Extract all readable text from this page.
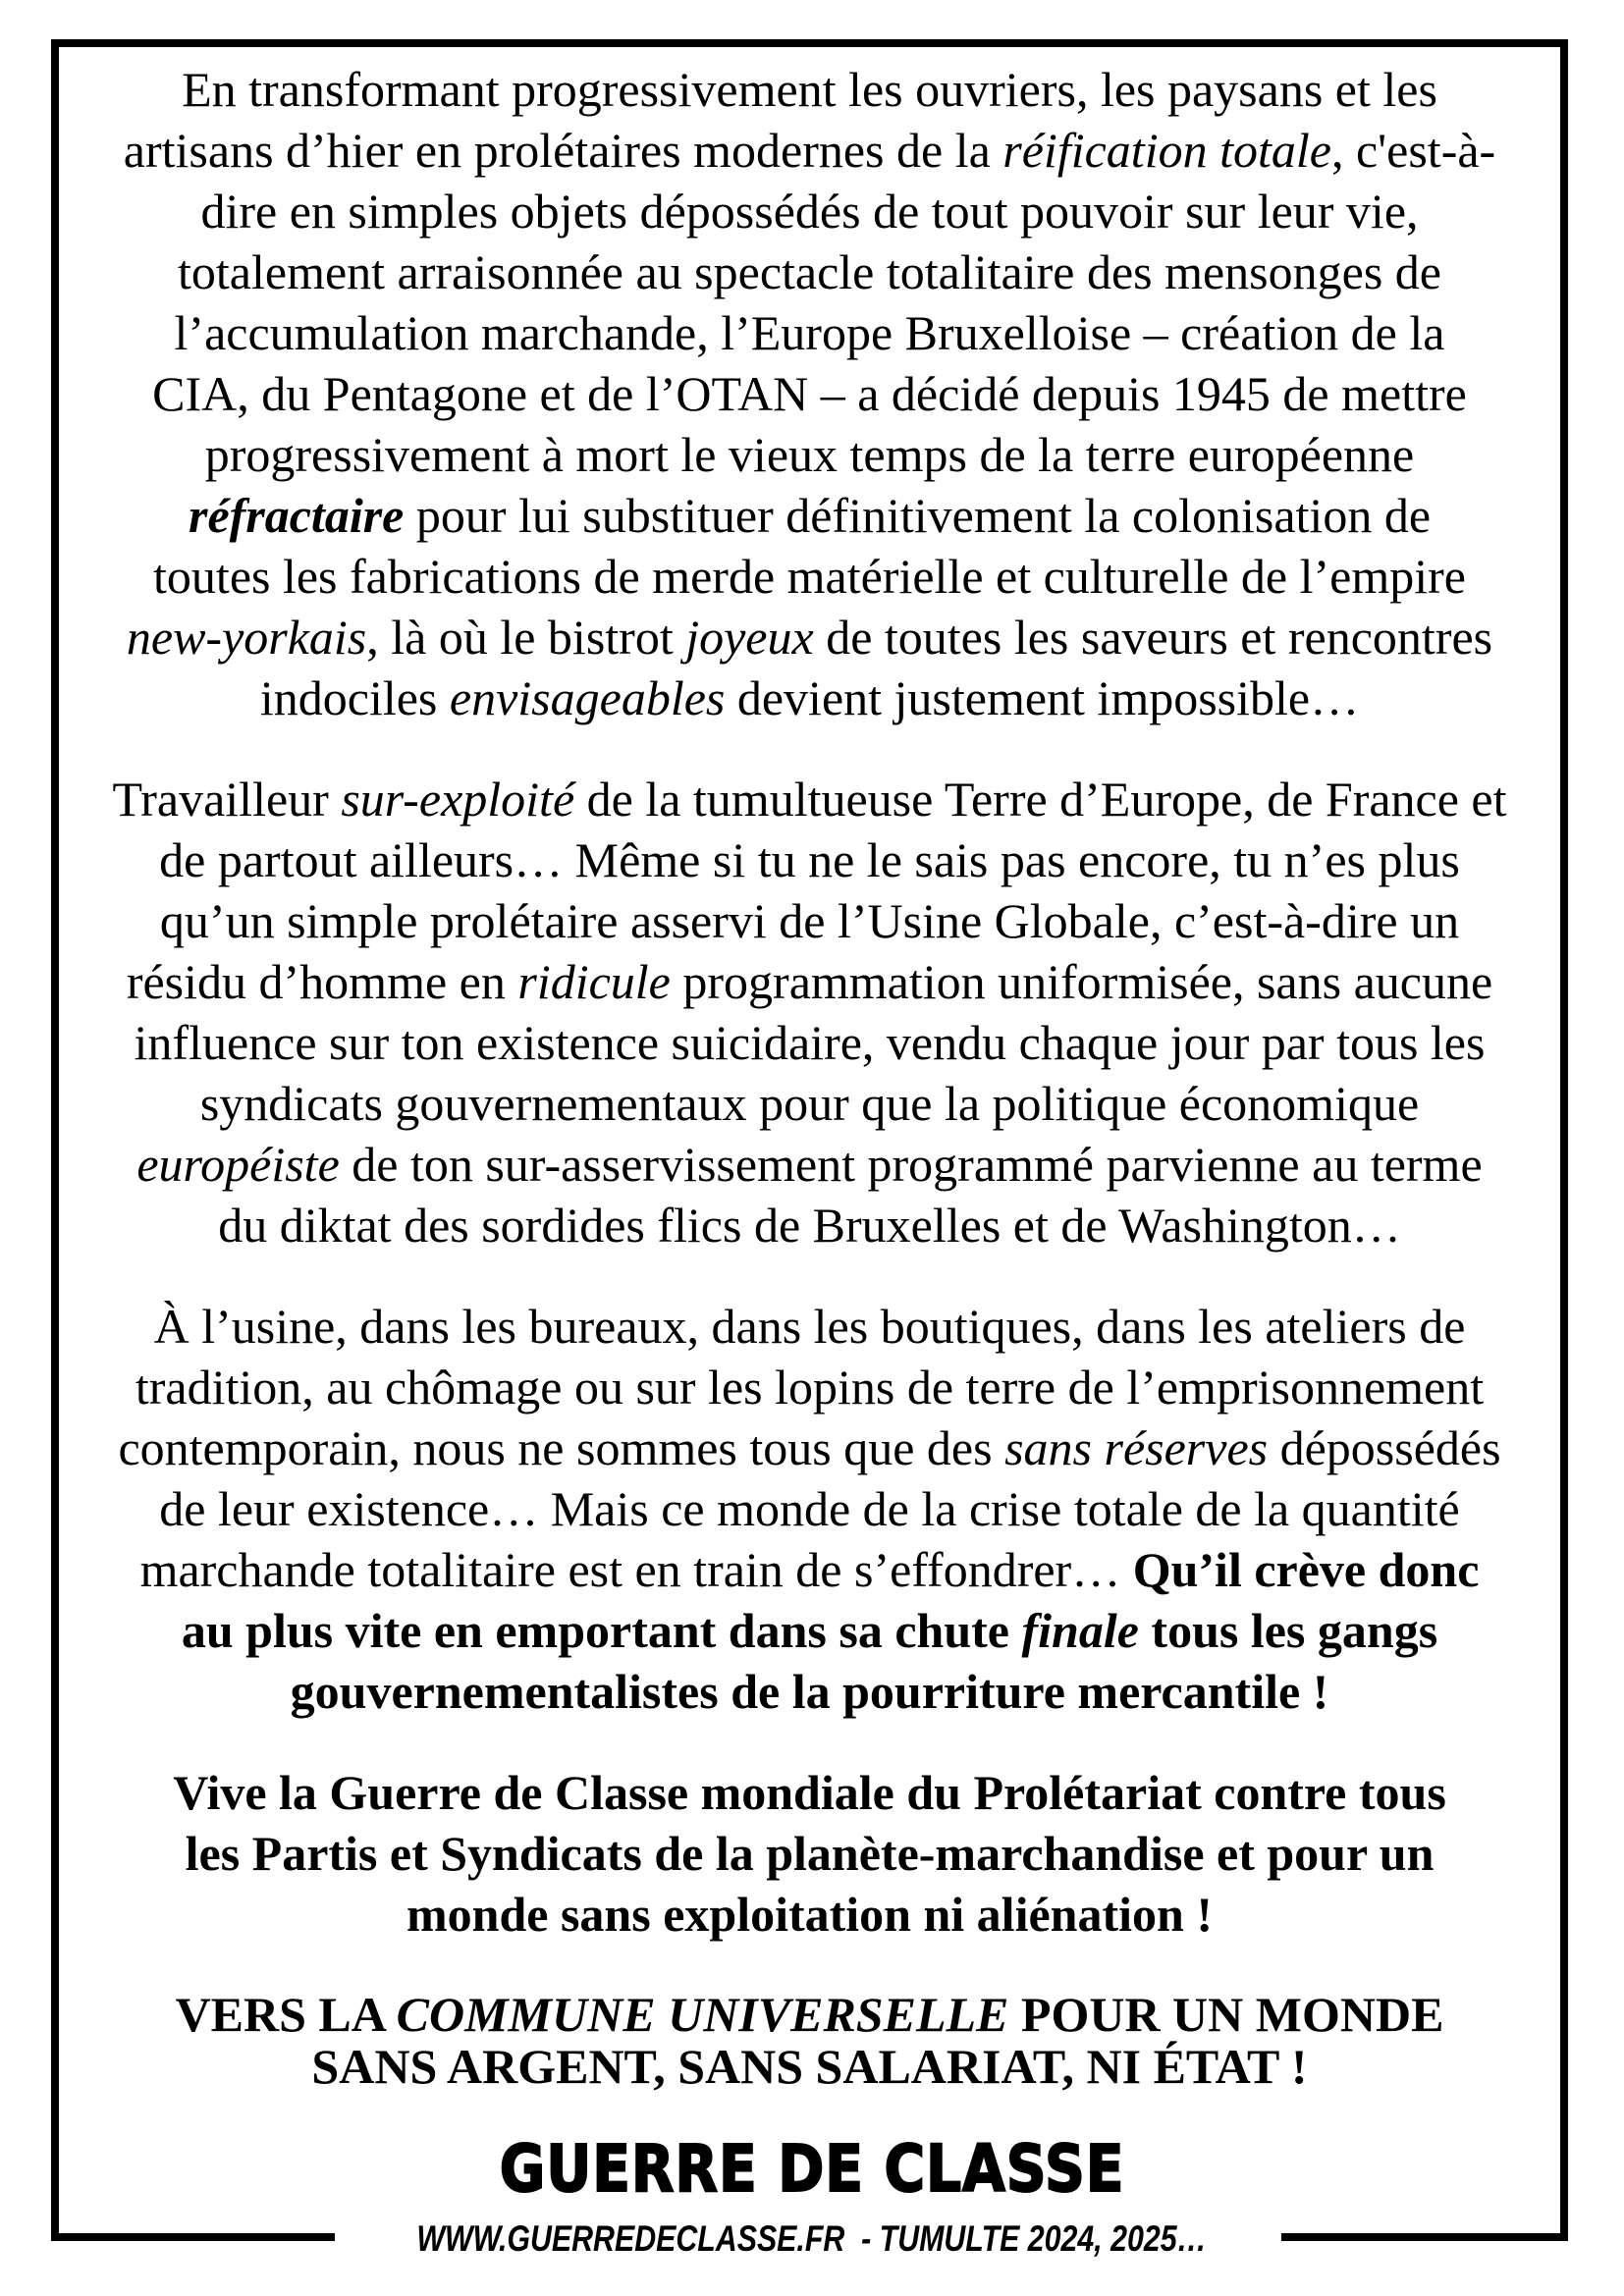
En transformant progressivement les ouvriers, les paysans et les
artisans d’hier en prolétaires modernes de la réification totale, c'est-à-
dire en simples objets dépossédés de tout pouvoir sur leur vie,
totalement arraisonnée au spectacle totalitaire des mensonges de
l’accumulation marchande, l’Europe Bruxelloise – création de la
CIA, du Pentagone et de l’OTAN – a décidé depuis 1945 de mettre
progressivement à mort le vieux temps de la terre européenne
réfractaire pour lui substituer définitivement la colonisation de
toutes les fabrications de merde matérielle et culturelle de l’empire
new-yorkais, là où le bistrot joyeux de toutes les saveurs et rencontres
indociles envisageables devient justement impossible…
Travailleur sur-exploité de la tumultueuse Terre d’Europe, de France et
de partout ailleurs… Même si tu ne le sais pas encore, tu n’es plus
qu’un simple prolétaire asservi de l’Usine Globale, c’est-à-dire un
résidu d’homme en ridicule programmation uniformisée, sans aucune
influence sur ton existence suicidaire, vendu chaque jour par tous les
syndicats gouvernementaux pour que la politique économique
européiste de ton sur-asservissement programmé parvienne au terme
du diktat des sordides flics de Bruxelles et de Washington…
À l’usine, dans les bureaux, dans les boutiques, dans les ateliers de
tradition, au chômage ou sur les lopins de terre de l’emprisonnement
contemporain, nous ne sommes tous que des sans réserves dépossédés
de leur existence… Mais ce monde de la crise totale de la quantité
marchande totalitaire est en train de s’effondrer… Qu’il crève donc
au plus vite en emportant dans sa chute finale tous les gangs
gouvernementalistes de la pourriture mercantile !
Vive la Guerre de Classe mondiale du Prolétariat contre tous
les Partis et Syndicats de la planète-marchandise et pour un
monde sans exploitation ni aliénation !
VERS LA COMMUNE UNIVERSELLE POUR UN MONDE
SANS ARGENT, SANS SALARIAT, NI ÉTAT !
GUERRE DE CLASSE
WWW.GUERREDECLASSE.FR  - TUMULTE 2024, 2025…
